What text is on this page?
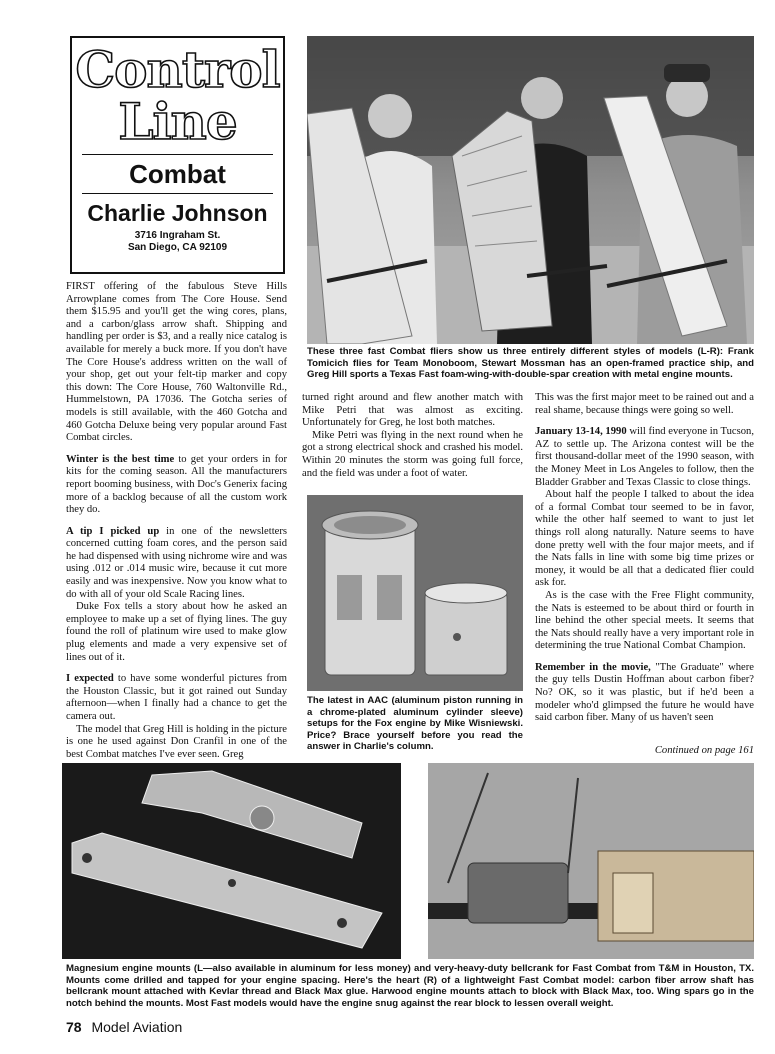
Control
Line
Combat
Charlie Johnson
3716 Ingraham St.
San Diego, CA 92109
These three fast Combat fliers show us three entirely different styles of models (L-R): Frank Tomicich flies for Team Monoboom, Stewart Mossman has an open-framed practice ship, and Greg Hill sports a Texas Fast foam-wing-with-double-spar creation with metal engine mounts.

FIRST offering of the fabulous Steve Hills Arrowplane comes from The Core House. Send them $15.95 and you'll get the wing cores, plans, and a carbon/glass arrow shaft. Shipping and handling per order is $3, and a really nice catalog is available for merely a buck more. If you don't have The Core House's address written on the wall of your shop, get out your felt-tip marker and copy this down: The Core House, 760 Waltonville Rd., Hummelstown, PA 17036. The Gotcha series of models is still available, with the 460 Gotcha and 460 Gotcha Deluxe being very popular around Fast Combat circles.

Winter is the best time to get your orders in for kits for the coming season. All the manufacturers report booming business, with Doc's Generix facing more of a backlog because of all the custom work they do.

A tip I picked up in one of the newsletters concerned cutting foam cores, and the person said he had dispensed with using nichrome wire and was using .012 or .014 music wire, because it cut more easily and was inexpensive. Now you know what to do with all of your old Scale Racing lines.

Duke Fox tells a story about how he asked an employee to make up a set of flying lines. The guy found the roll of platinum wire used to make glow plug elements and made a very expensive set of lines out of it.

I expected to have some wonderful pictures from the Houston Classic, but it got rained out Sunday afternoon—when I finally had a chance to get the camera out.

The model that Greg Hill is holding in the picture is one he used against Don Cranfil in one of the best Combat matches I've ever seen. Greg

turned right around and flew another match with Mike Petri that was almost as exciting. Unfortunately for Greg, he lost both matches.

Mike Petri was flying in the next round when he got a strong electrical shock and crashed his model. Within 20 minutes the storm was going full force, and the field was under a foot of water.

The latest in AAC (aluminum piston running in a chrome-plated aluminum cylinder sleeve) setups for the Fox engine by Mike Wisniewski. Price? Brace yourself before you read the answer in Charlie's column.

This was the first major meet to be rained out and a real shame, because things were going so well.

January 13-14, 1990 will find everyone in Tucson, AZ to settle up. The Arizona contest will be the first thousand-dollar meet of the 1990 season, with the Money Meet in Los Angeles to follow, then the Bladder Grabber and Texas Classic to close things.

About half the people I talked to about the idea of a formal Combat tour seemed to be in favor, while the other half seemed to want to just let things roll along naturally. Nature seems to have done pretty well with the four major meets, and if the Nats falls in line with some big time prizes or money, it would be all that a dedicated flier could ask for.

As is the case with the Free Flight community, the Nats is esteemed to be about third or fourth in line behind the other special meets. It seems that the Nats should really have a very important role in determining the true National Combat Champion.

Remember in the movie, "The Graduate" where the guy tells Dustin Hoffman about carbon fiber? No? OK, so it was plastic, but if he'd been a modeler who'd glimpsed the future he would have said carbon fiber. Many of us haven't seen

Continued on page 161
Magnesium engine mounts (L—also available in aluminum for less money) and very-heavy-duty bellcrank for Fast Combat from T&M in Houston, TX. Mounts come drilled and tapped for your engine spacing. Here's the heart (R) of a lightweight Fast Combat model: carbon fiber arrow shaft has bellcrank mount attached with Kevlar thread and Black Max glue. Harwood engine mounts attach to block with Black Max, too. Wing spars go in the notch behind the mounts. Most Fast models would have the engine snug against the rear block to lessen overall weight.
78 Model Aviation
